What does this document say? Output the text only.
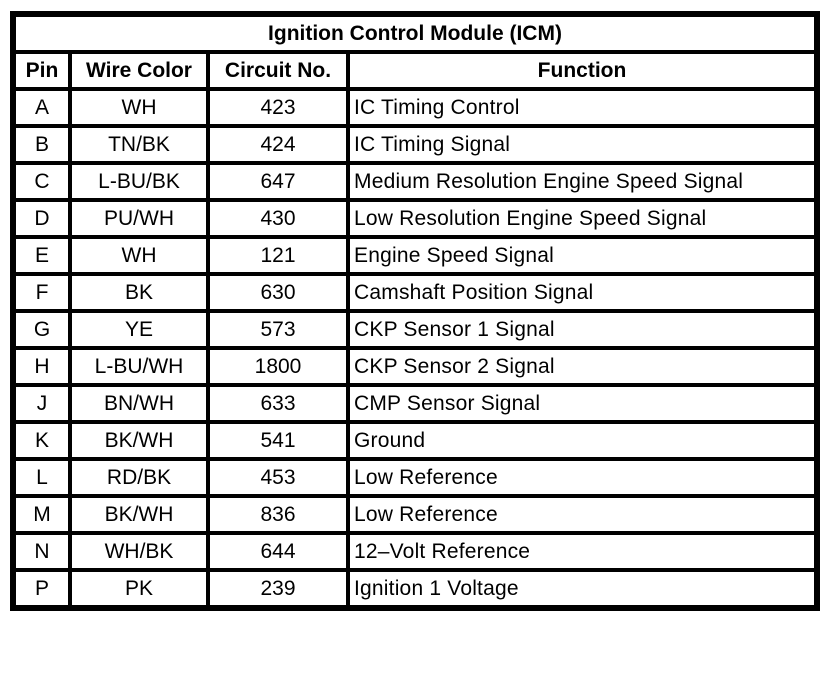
Ignition Control Module (ICM)			
Pin	Wire Color	Circuit No.	Function
A	WH	423	IC Timing Control
B	TN/BK	424	IC Timing Signal
C	L-BU/BK	647	Medium Resolution Engine Speed Signal
D	PU/WH	430	Low Resolution Engine Speed Signal
E	WH	121	Engine Speed Signal
F	BK	630	Camshaft Position Signal
G	YE	573	CKP Sensor 1 Signal
H	L-BU/WH	1800	CKP Sensor 2 Signal
J	BN/WH	633	CMP Sensor Signal
K	BK/WH	541	Ground
L	RD/BK	453	Low Reference
M	BK/WH	836	Low Reference
N	WH/BK	644	12–Volt Reference
P	PK	239	Ignition 1 Voltage
